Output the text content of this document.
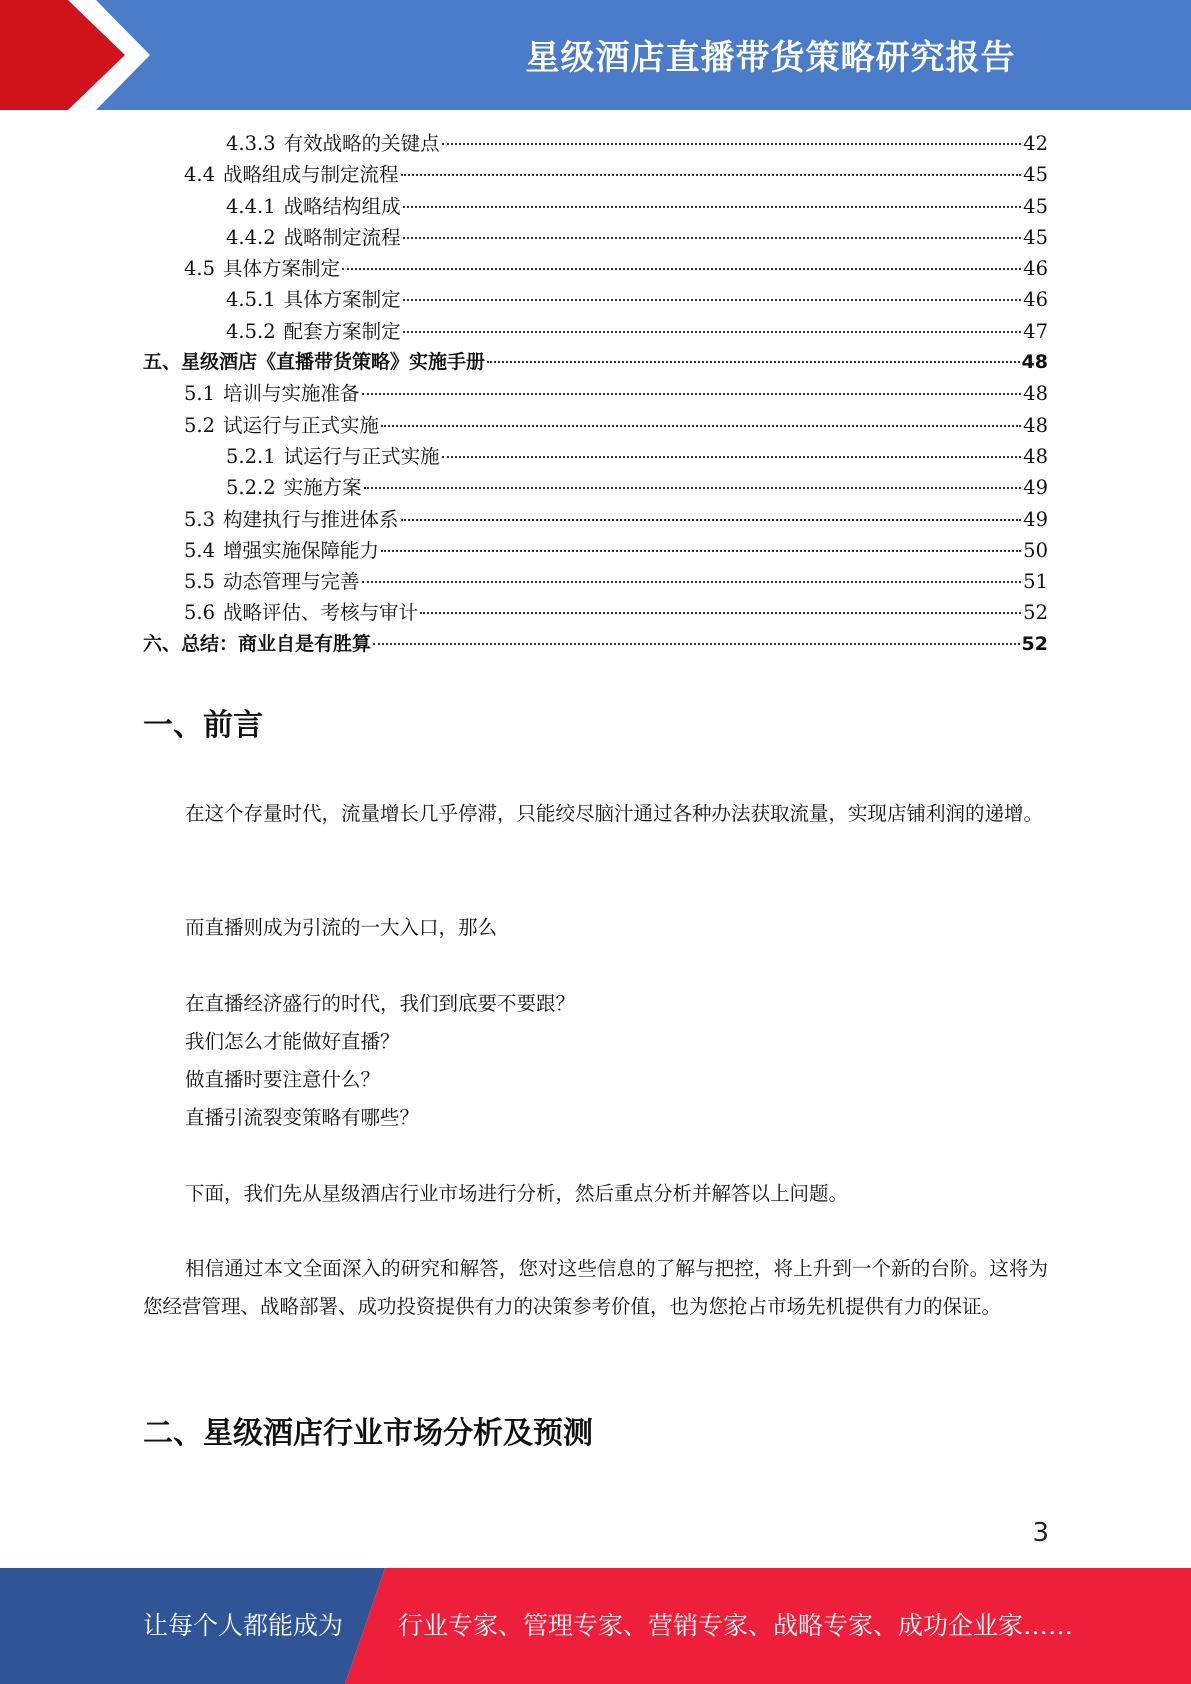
星级酒店直播带货策略研究报告
4.3.3 有效战略的关键点	42
4.4 战略组成与制定流程	45
4.4.1 战略结构组成	45
4.4.2 战略制定流程	45
4.5 具体方案制定	46
4.5.1 具体方案制定	46
4.5.2 配套方案制定	47
五、星级酒店《直播带货策略》实施手册	48
5.1 培训与实施准备	48
5.2 试运行与正式实施	48
5.2.1 试运行与正式实施	48
5.2.2 实施方案	49
5.3 构建执行与推进体系	49
5.4 增强实施保障能力	50
5.5 动态管理与完善	51
5.6 战略评估、考核与审计	52
六、总结：商业自是有胜算	52
一、前言
在这个存量时代，流量增长几乎停滞，只能绞尽脑汁通过各种办法获取流量，实现店铺利润的递增。
而直播则成为引流的一大入口，那么
在直播经济盛行的时代，我们到底要不要跟？
我们怎么才能做好直播？
做直播时要注意什么？
直播引流裂变策略有哪些？
下面，我们先从星级酒店行业市场进行分析，然后重点分析并解答以上问题。
相信通过本文全面深入的研究和解答，您对这些信息的了解与把控，将上升到一个新的台阶。这将为您经营管理、战略部署、成功投资提供有力的决策参考价值，也为您抢占市场先机提供有力的保证。
二、星级酒店行业市场分析及预测
3
让每个人都能成为 行业专家、管理专家、营销专家、战略专家、成功企业家……
